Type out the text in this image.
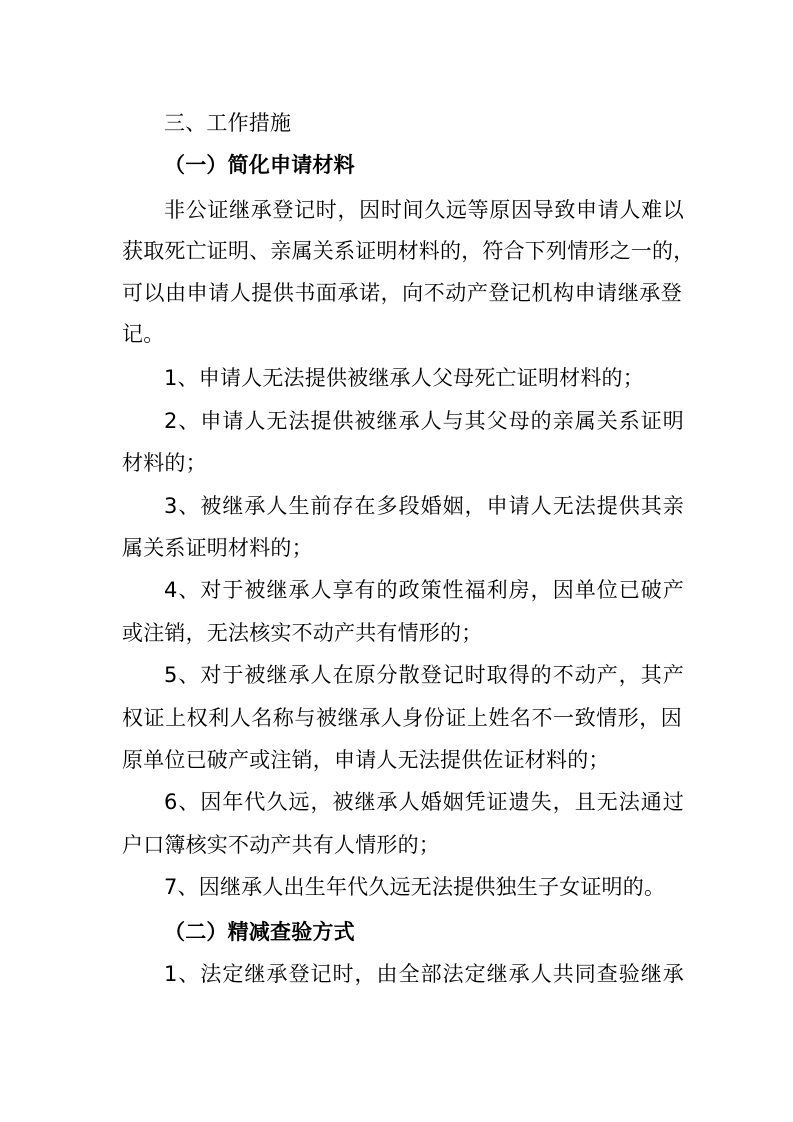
三、工作措施
（一）简化申请材料
非公证继承登记时，因时间久远等原因导致申请人难以
获取死亡证明、亲属关系证明材料的，符合下列情形之一的，
可以由申请人提供书面承诺，向不动产登记机构申请继承登
记。
1、申请人无法提供被继承人父母死亡证明材料的；
2、申请人无法提供被继承人与其父母的亲属关系证明
材料的；
3、被继承人生前存在多段婚姻，申请人无法提供其亲
属关系证明材料的；
4、对于被继承人享有的政策性福利房，因单位已破产
或注销，无法核实不动产共有情形的；
5、对于被继承人在原分散登记时取得的不动产，其产
权证上权利人名称与被继承人身份证上姓名不一致情形，因
原单位已破产或注销，申请人无法提供佐证材料的；
6、因年代久远，被继承人婚姻凭证遗失，且无法通过
户口簿核实不动产共有人情形的；
7、因继承人出生年代久远无法提供独生子女证明的。
（二）精减查验方式
1、法定继承登记时，由全部法定继承人共同查验继承
